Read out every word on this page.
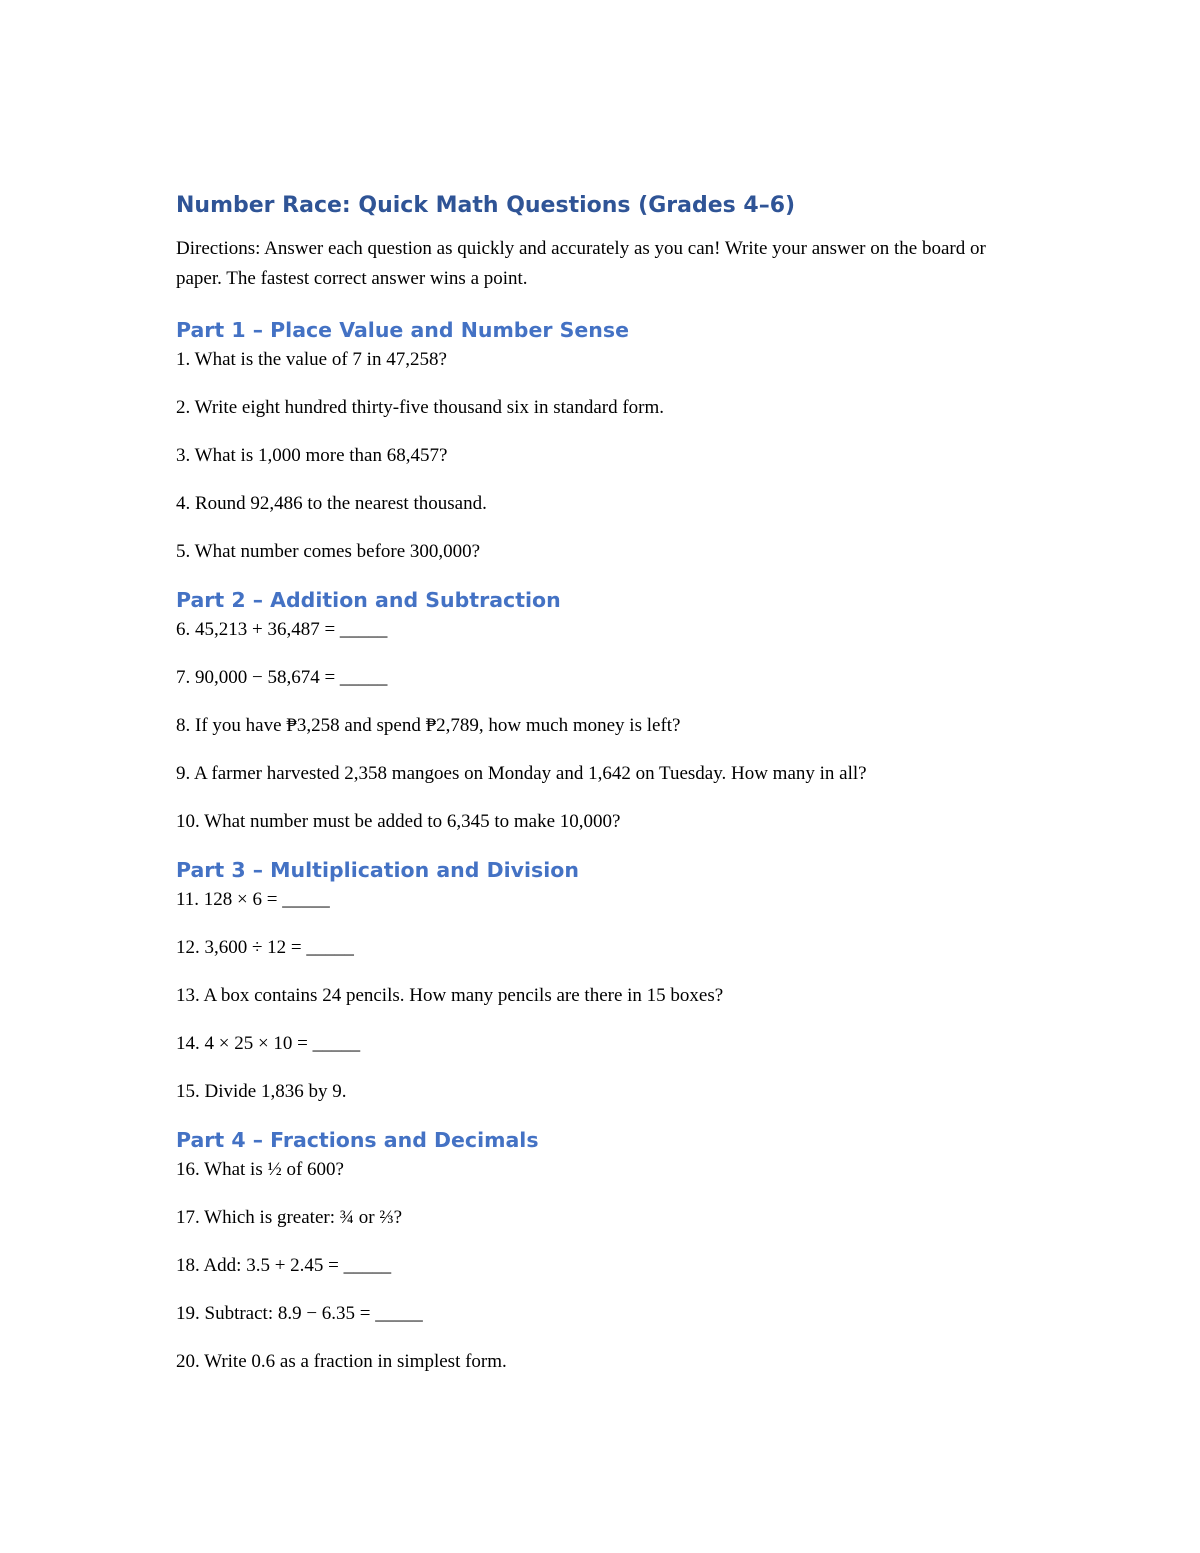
Number Race: Quick Math Questions (Grades 4–6)

Directions: Answer each question as quickly and accurately as you can! Write your answer on the board or paper. The fastest correct answer wins a point.

Part 1 – Place Value and Number Sense

1. What is the value of 7 in 47,258?

2. Write eight hundred thirty-five thousand six in standard form.

3. What is 1,000 more than 68,457?

4. Round 92,486 to the nearest thousand.

5. What number comes before 300,000?

Part 2 – Addition and Subtraction

6. 45,213 + 36,487 = _____

7. 90,000 − 58,674 = _____

8. If you have ₱3,258 and spend ₱2,789, how much money is left?

9. A farmer harvested 2,358 mangoes on Monday and 1,642 on Tuesday. How many in all?

10. What number must be added to 6,345 to make 10,000?

Part 3 – Multiplication and Division

11. 128 × 6 = _____

12. 3,600 ÷ 12 = _____

13. A box contains 24 pencils. How many pencils are there in 15 boxes?

14. 4 × 25 × 10 = _____

15. Divide 1,836 by 9.

Part 4 – Fractions and Decimals

16. What is ½ of 600?

17. Which is greater: ¾ or ⅔?

18. Add: 3.5 + 2.45 = _____

19. Subtract: 8.9 − 6.35 = _____

20. Write 0.6 as a fraction in simplest form.
